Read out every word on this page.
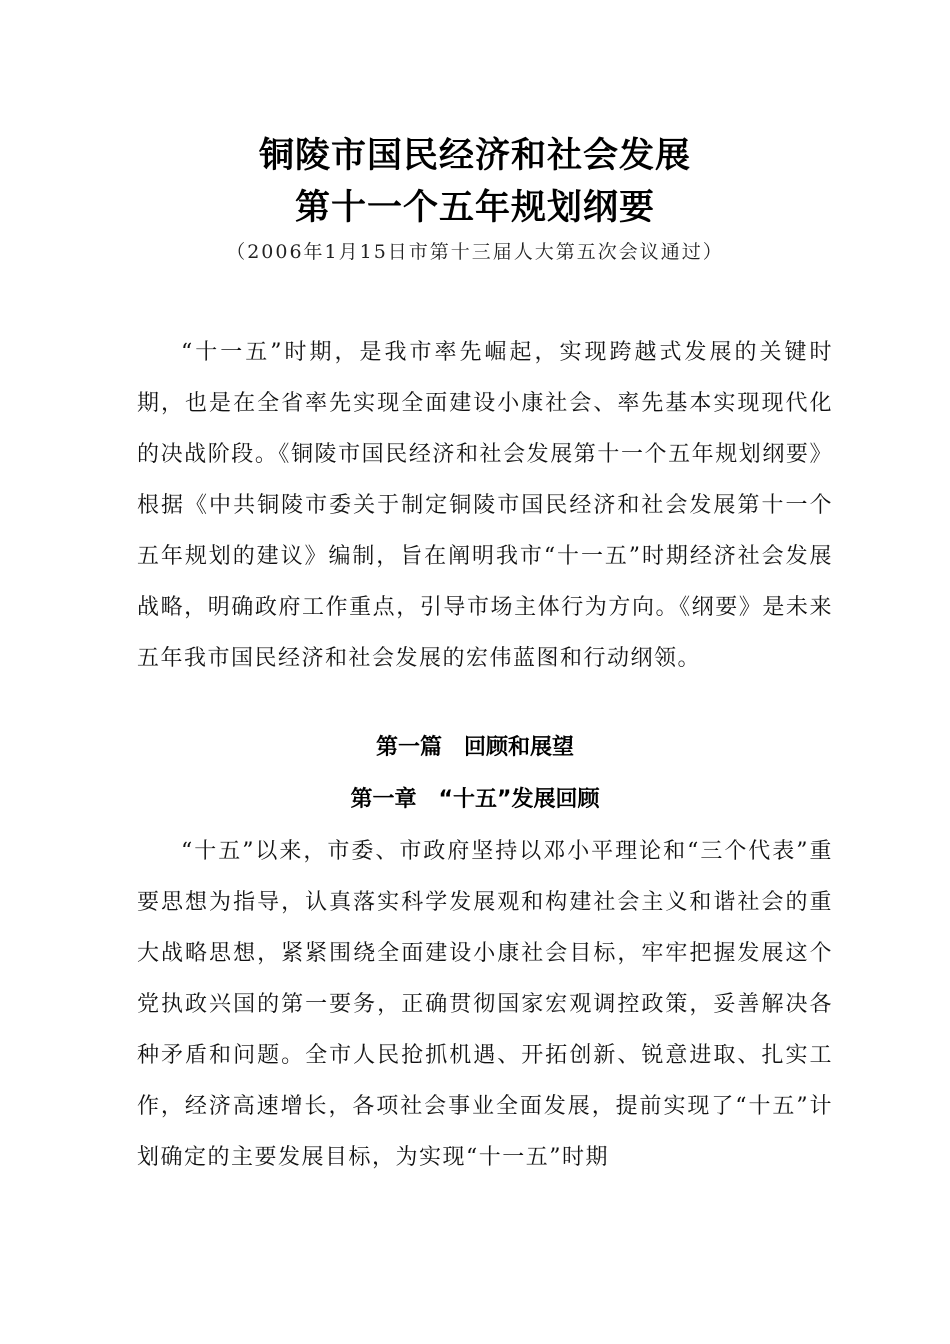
铜陵市国民经济和社会发展
第十一个五年规划纲要
（2006年1月15日市第十三届人大第五次会议通过）

“十一五”时期，是我市率先崛起，实现跨越式发展的关键时期，也是在全省率先实现全面建设小康社会、率先基本实现现代化的决战阶段。《铜陵市国民经济和社会发展第十一个五年规划纲要》根据《中共铜陵市委关于制定铜陵市国民经济和社会发展第十一个五年规划的建议》编制，旨在阐明我市“十一五”时期经济社会发展战略，明确政府工作重点，引导市场主体行为方向。《纲要》是未来五年我市国民经济和社会发展的宏伟蓝图和行动纲领。

第一篇　回顾和展望
第一章　“十五”发展回顾

“十五”以来，市委、市政府坚持以邓小平理论和“三个代表”重要思想为指导，认真落实科学发展观和构建社会主义和谐社会的重大战略思想，紧紧围绕全面建设小康社会目标，牢牢把握发展这个党执政兴国的第一要务，正确贯彻国家宏观调控政策，妥善解决各种矛盾和问题。全市人民抢抓机遇、开拓创新、锐意进取、扎实工作，经济高速增长，各项社会事业全面发展，提前实现了“十五”计划确定的主要发展目标，为实现“十一五”时期
